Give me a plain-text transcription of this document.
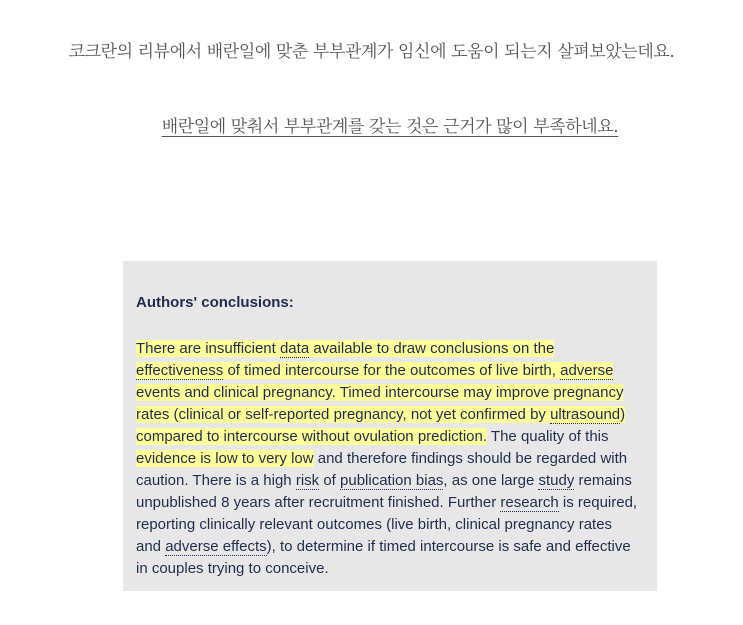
코크란의 리뷰에서 배란일에 맞춘 부부관계가 임신에 도움이 되는지 살펴보았는데요.

배란일에 맞춰서 부부관계를 갖는 것은 근거가 많이 부족하네요.

Authors' conclusions:

There are insufficient data available to draw conclusions on the effectiveness of timed intercourse for the outcomes of live birth, adverse events and clinical pregnancy. Timed intercourse may improve pregnancy rates (clinical or self-reported pregnancy, not yet confirmed by ultrasound) compared to intercourse without ovulation prediction. The quality of this evidence is low to very low and therefore findings should be regarded with caution. There is a high risk of publication bias, as one large study remains unpublished 8 years after recruitment finished. Further research is required, reporting clinically relevant outcomes (live birth, clinical pregnancy rates and adverse effects), to determine if timed intercourse is safe and effective in couples trying to conceive.
